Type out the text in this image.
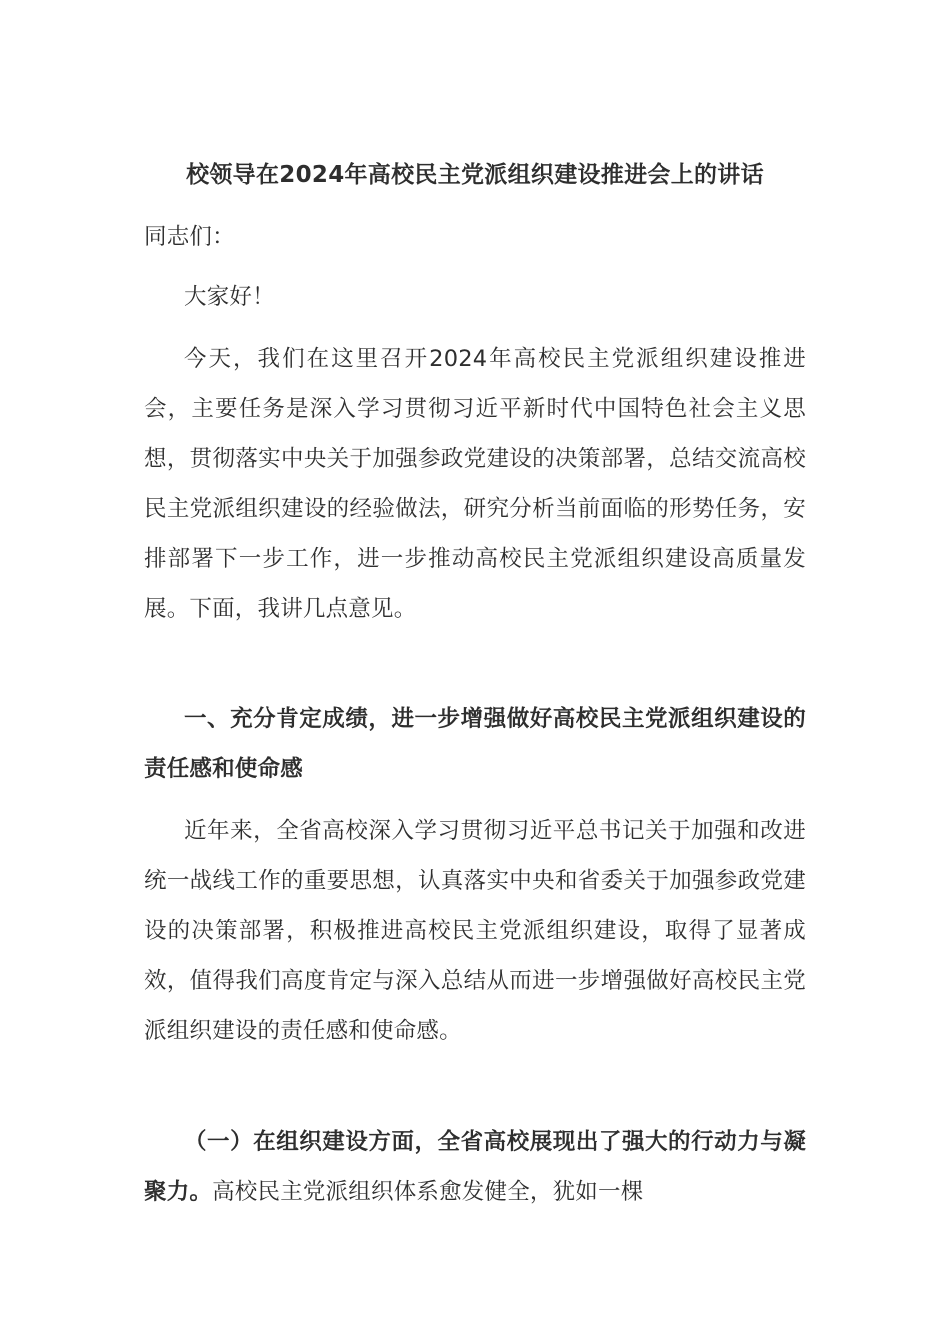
校领导在2024年高校民主党派组织建设推进会上的讲话
同志们：
大家好！
今天，我们在这里召开2024年高校民主党派组织建设推进会，主要任务是深入学习贯彻习近平新时代中国特色社会主义思想，贯彻落实中央关于加强参政党建设的决策部署，总结交流高校民主党派组织建设的经验做法，研究分析当前面临的形势任务，安排部署下一步工作，进一步推动高校民主党派组织建设高质量发展。下面，我讲几点意见。
一、充分肯定成绩，进一步增强做好高校民主党派组织建设的责任感和使命感
近年来，全省高校深入学习贯彻习近平总书记关于加强和改进统一战线工作的重要思想，认真落实中央和省委关于加强参政党建设的决策部署，积极推进高校民主党派组织建设，取得了显著成效，值得我们高度肯定与深入总结从而进一步增强做好高校民主党派组织建设的责任感和使命感。
（一）在组织建设方面，全省高校展现出了强大的行动力与凝聚力。高校民主党派组织体系愈发健全，犹如一棵
